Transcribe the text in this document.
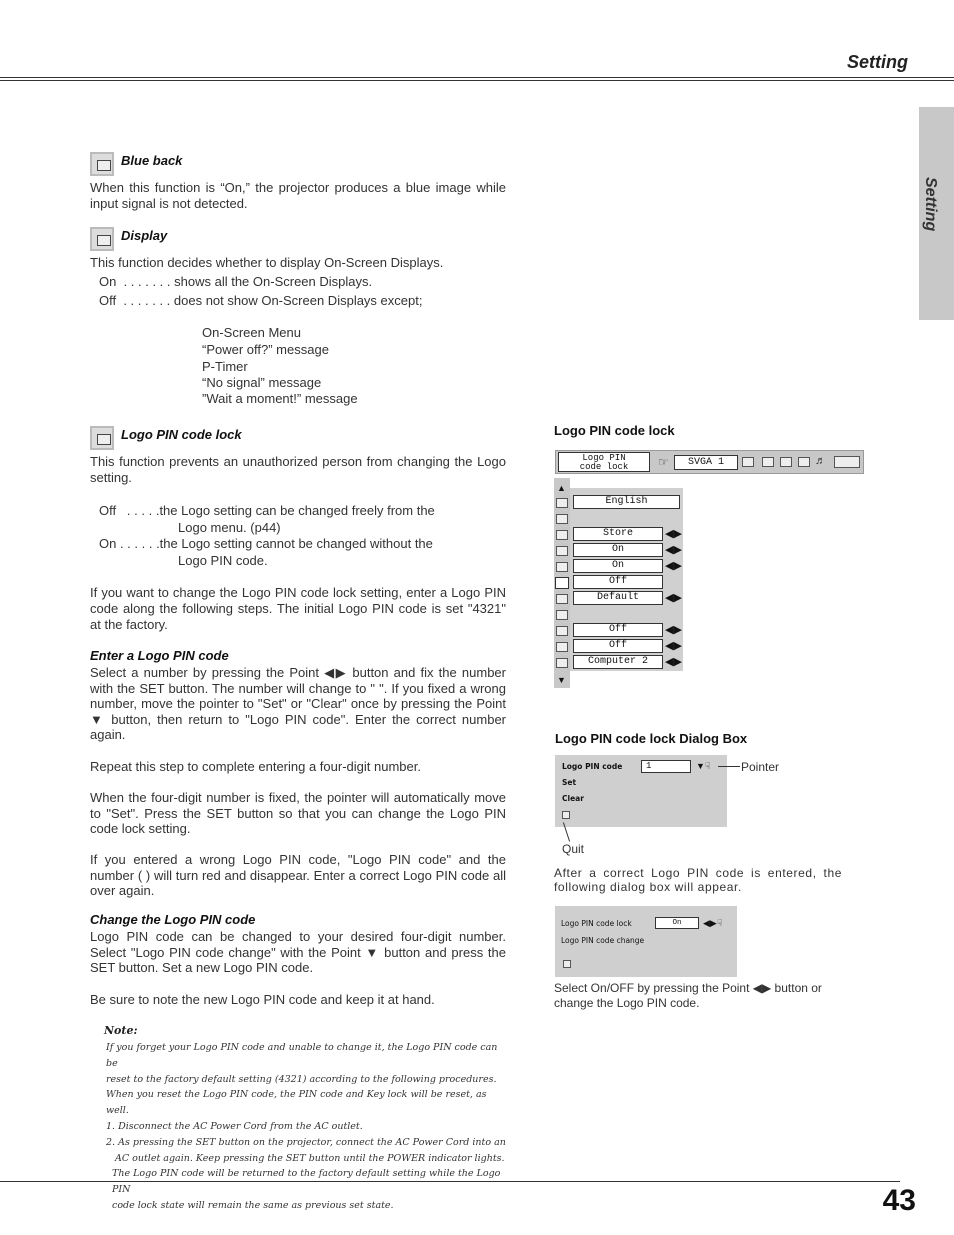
Setting
Setting
Blue back
When this function is “On,” the projector produces a blue image while input signal is not detected.
Display
This function decides whether to display On-Screen Displays.
On  . . . . . . . shows all the On-Screen Displays.
Off  . . . . . . . does not show On-Screen Displays except;
On-Screen Menu
“Power off?” message
P-Timer
“No signal” message
”Wait a moment!” message
Logo PIN code lock
This function prevents an unauthorized person from changing the Logo setting.
Off   . . . . .the Logo setting can be changed freely from the
Logo menu. (p44)
On . . . . . .the Logo setting cannot be changed without the
Logo PIN code.
If you want to change the Logo PIN code lock setting, enter a Logo PIN code along the following steps. The initial Logo PIN code is set "4321" at the factory.
Enter a Logo PIN code
Select a number by pressing the Point ◀▶ button and fix the number with the SET button. The number will change to " ". If you fixed a wrong number, move the pointer to "Set" or "Clear" once by pressing the Point ▼ button, then return to "Logo PIN code". Enter the correct number again.
Repeat this step to complete entering a four-digit number.
When the four-digit number is fixed, the pointer will automatically move to "Set". Press the SET button so that you can change the Logo PIN code lock setting.
If you entered a wrong Logo PIN code, "Logo PIN code" and the number ( ) will turn red and disappear. Enter a correct Logo PIN code all over again.
Change the Logo PIN code
Logo PIN code can be changed to your desired four-digit number. Select "Logo PIN code change" with the Point ▼ button and press the SET button. Set a new Logo PIN code.
Be sure to note the new Logo PIN code and keep it at hand.
Note:
If you forget your Logo PIN code and unable to change it, the Logo PIN code can be
reset to the factory default setting (4321) according to the following procedures.
When you reset the Logo PIN code, the PIN code and Key lock will be reset, as well.
1. Disconnect the AC Power Cord from the AC outlet.
2. As pressing the SET button on the projector, connect the AC Power Cord into an
AC outlet again. Keep pressing the SET button until the POWER indicator lights.
The Logo PIN code will be returned to the factory default setting while the Logo PIN
code lock state will remain the same as previous set state.
Logo PIN code lock
Logo PIN
code lock	☞	SVGA 1	♬
▲
▼
English
Store	◀▶
On	◀▶
On	◀▶
Off
Default	◀▶
Off	◀▶
Off	◀▶
Computer 2	◀▶
Logo PIN code lock Dialog Box
Logo PIN code	1	▼☟
Set
Clear
Pointer
Quit
After a correct Logo PIN code is entered, the following dialog box will appear.
Logo PIN code lock	On	◀▶☟
Logo PIN code change
Select On/OFF by pressing the Point ◀▶ button or change the Logo PIN code.
43
